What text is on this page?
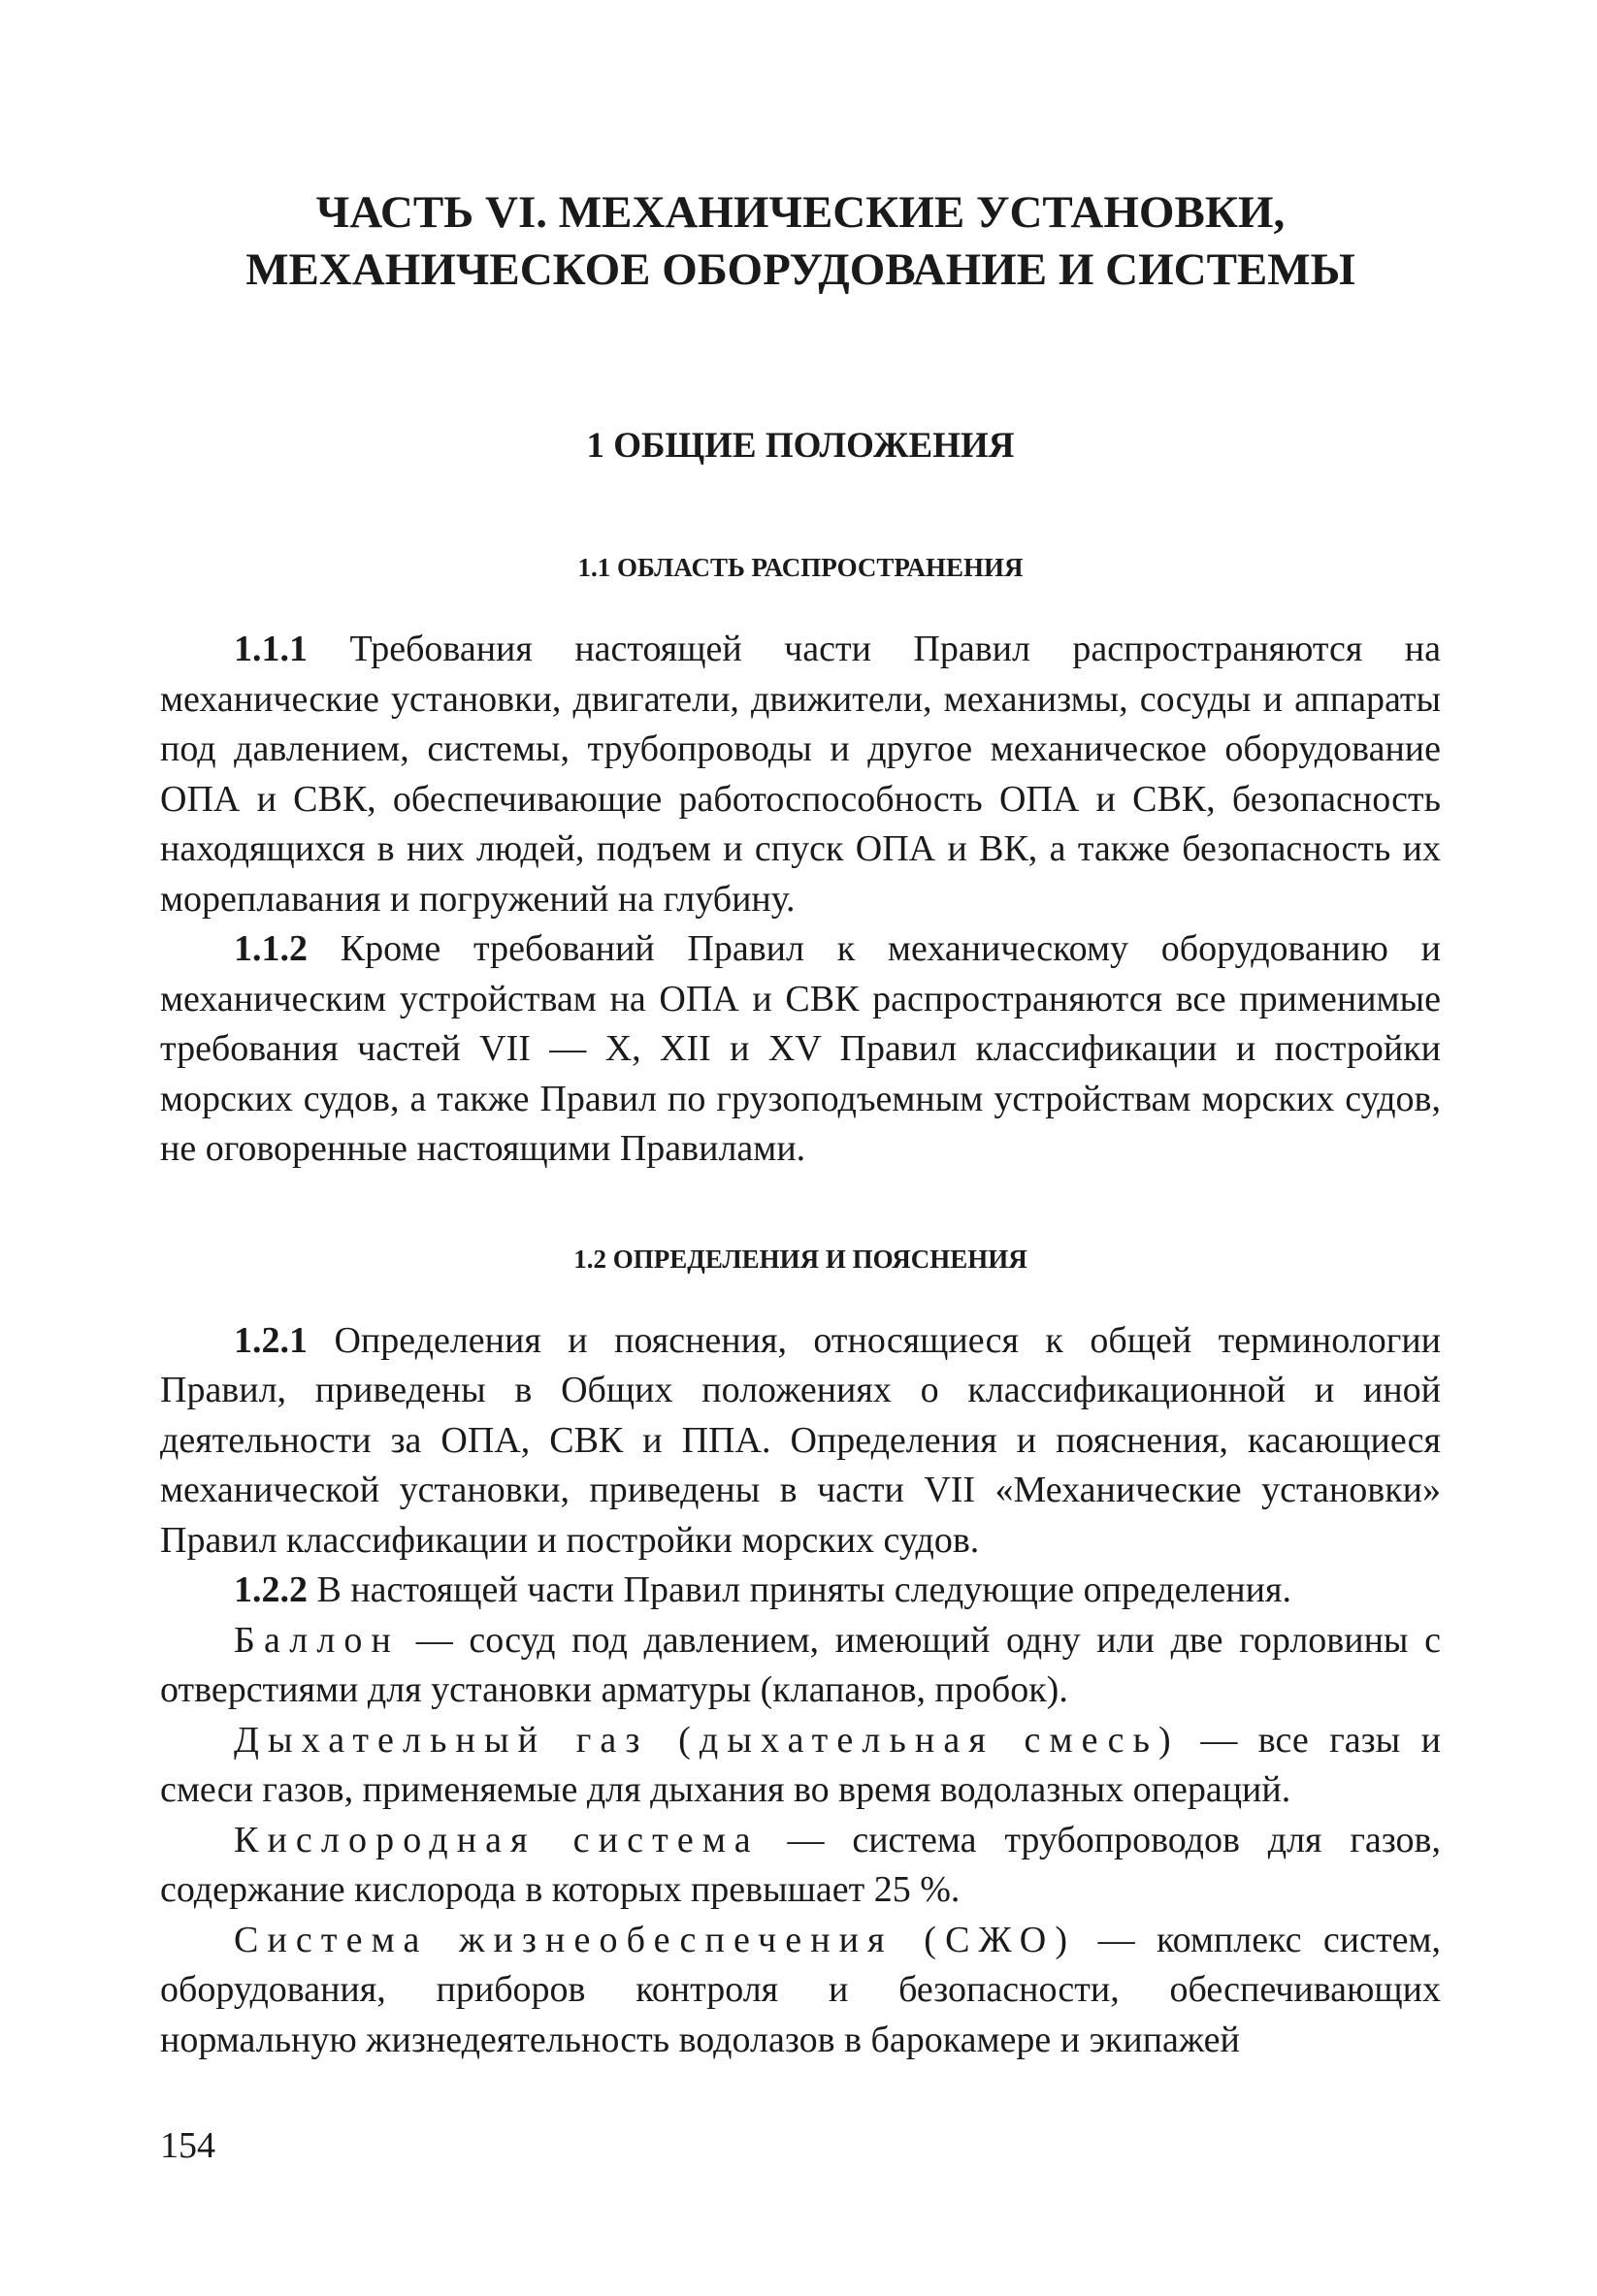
ЧАСТЬ VI. МЕХАНИЧЕСКИЕ УСТАНОВКИ,
МЕХАНИЧЕСКОЕ ОБОРУДОВАНИЕ И СИСТЕМЫ
1 ОБЩИЕ ПОЛОЖЕНИЯ
1.1 ОБЛАСТЬ РАСПРОСТРАНЕНИЯ

1.1.1 Требования настоящей части Правил распространяются на механические установки, двигатели, движители, механизмы, сосуды и аппараты под давлением, системы, трубопроводы и другое механическое оборудование ОПА и СВК, обеспечивающие работоспособность ОПА и СВК, безопасность находящихся в них людей, подъем и спуск ОПА и ВК, а также безопасность их мореплавания и погружений на глубину.

1.1.2 Кроме требований Правил к механическому оборудованию и механическим устройствам на ОПА и СВК распространяются все применимые требования частей VII — X, XII и XV Правил классификации и постройки морских судов, а также Правил по грузоподъемным устройствам морских судов, не оговоренные настоящими Правилами.

1.2 ОПРЕДЕЛЕНИЯ И ПОЯСНЕНИЯ

1.2.1 Определения и пояснения, относящиеся к общей терминологии Правил, приведены в Общих положениях о классификационной и иной деятельности за ОПА, СВК и ППА. Определения и пояснения, касающиеся механической установки, приведены в части VII «Механические установки» Правил классификации и постройки морских судов.

1.2.2 В настоящей части Правил приняты следующие определения.

Баллон — сосуд под давлением, имеющий одну или две горловины с отверстиями для установки арматуры (клапанов, пробок).

Дыхательный газ (дыхательная смесь) — все газы и смеси газов, применяемые для дыхания во время водолазных операций.

Кислородная система — система трубопроводов для газов, содержание кислорода в которых превышает 25 %.

Система жизнеобеспечения (СЖО) — комплекс систем, оборудования, приборов контроля и безопасности, обеспечивающих нормальную жизнедеятельность водолазов в барокамере и экипажей

154
